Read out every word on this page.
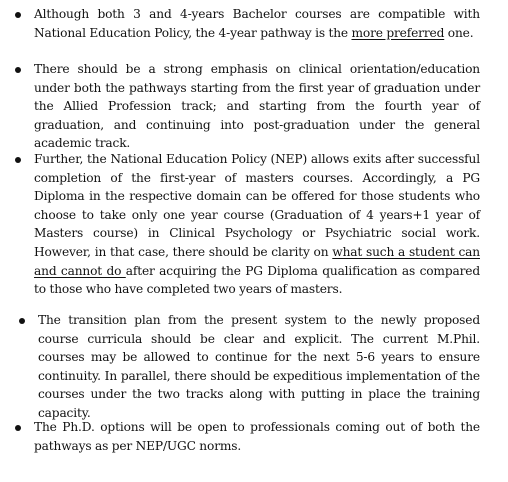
Although both 3 and 4-years Bachelor courses are compatible with National Education Policy, the 4-year pathway is the more preferred one.

There should be a strong emphasis on clinical orientation/education under both the pathways starting from the first year of graduation under the Allied Profession track; and starting from the fourth year of graduation, and continuing into post-graduation under the general academic track.

Further, the National Education Policy (NEP) allows exits after successful completion of the first-year of masters courses. Accordingly, a PG Diploma in the respective domain can be offered for those students who choose to take only one year course (Graduation of 4 years+1 year of Masters course) in Clinical Psychology or Psychiatric social work. However, in that case, there should be clarity on what such a student can and cannot do after acquiring the PG Diploma qualification as compared to those who have completed two years of masters.

The transition plan from the present system to the newly proposed course curricula should be clear and explicit. The current M.Phil. courses may be allowed to continue for the next 5-6 years to ensure continuity. In parallel, there should be expeditious implementation of the courses under the two tracks along with putting in place the training capacity.

The Ph.D. options will be open to professionals coming out of both the pathways as per NEP/UGC norms.
